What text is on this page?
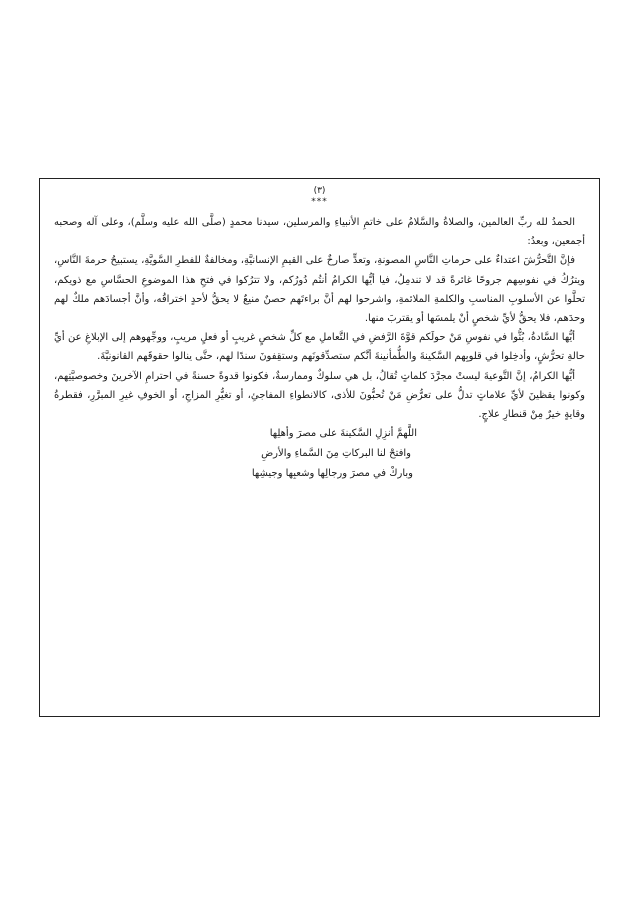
(٣)
***

الحمدُ لله ربِّ العالمين، والصلاةُ والسَّلامُ على خاتمِ الأنبياءِ والمرسلين، سيدنا محمدٍ (صلَّى الله عليه وسلَّم)، وعلى آله وصحبه أجمعين، وبعدُ:

فإنَّ التَّحرُّشَ اعتداءٌ على حرماتِ النَّاسِ المصونةِ، وتعدٍّ صارخٌ على القيمِ الإنسانيَّةِ، ومخالفةٌ للفطرِ السَّويَّةِ، يستبيحُ حرمةَ النَّاسِ، ويترُكُ في نفوسِهم جروحًا غائرةً قد لا تندمِلُ، فيا أيُّها الكرامُ أنتُم دُورُكم، ولا تترُكوا في فتحِ هذا الموضوعِ الحسَّاسِ مع ذويكم، تحلَّوا عن الأسلوبِ المناسبِ والكلمةِ الملائمةِ، واشرحوا لهم أنَّ براءتَهم حصنٌ منيعٌ لا يحقُّ لأحدٍ اختراقُه، وأنَّ أجسادَهم ملكٌ لهم وحدَهم، فلا يحقُّ لأيِّ شخصٍ أنْ يلمسَها أو يقتربَ منها.

أيُّها السَّادةُ، بُثُّوا في نفوسِ مَنْ حولَكم قوَّةَ الرَّفضِ في التَّعاملِ مع كلِّ شخصٍ غريبٍ أو فعلٍ مريبٍ، ووجِّهوهم إلى الإبلاغِ عن أيِّ حالةِ تحرُّشٍ، وأدخِلوا في قلوبِهم السَّكينةَ والطُّمأنينةَ أنَّكم ستصدِّقونَهم وستقِفونَ سندًا لهم، حتَّى ينالوا حقوقَهم القانونيَّةَ.

أيُّها الكرامُ، إنَّ التَّوعيةَ ليستْ مجرَّدَ كلماتٍ تُقالُ، بل هي سلوكٌ وممارسةٌ، فكونوا قدوةً حسنةً في احترامِ الآخرينَ وخصوصيَّتِهم، وكونوا يقظينَ لأيِّ علاماتٍ تدلُّ على تعرُّضِ مَنْ تُحبُّونَ للأذى، كالانطواءِ المفاجئِ، أو تغيُّرِ المزاجِ، أو الخوفِ غيرِ المبرَّرِ، فقطرةُ وقايةٍ خيرٌ مِنْ قنطارِ علاجٍ.

اللَّهمَّ أنزِلِ السَّكينةَ على مصرَ وأهلِها
وافتحْ لنا البركاتِ مِنَ السَّماءِ والأرضِ
وباركْ في مصرَ ورجالِها وشعبِها وجيشِها
